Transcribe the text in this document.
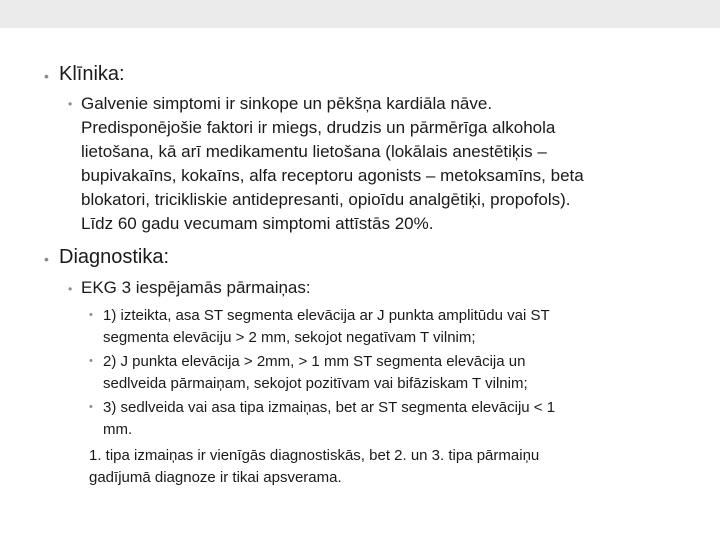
• Klīnika:
• Galvenie simptomi ir sinkope un pēkšņa kardiāla nāve.
Predisponējošie faktori ir miegs, drudzis un pārmērīga alkohola
lietošana, kā arī medikamentu lietošana (lokālais anestētiķis –
bupivakaīns, kokaīns, alfa receptoru agonists – metoksamīns, beta
blokatori, tricikliskie antidepresanti, opioīdu analgētiķi, propofols).
Līdz 60 gadu vecumam simptomi attīstās 20%.
• Diagnostika:
• EKG 3 iespējamās pārmaiņas:
• 1) izteikta, asa ST segmenta elevācija ar J punkta amplitūdu vai ST
segmenta elevāciju > 2 mm, sekojot negatīvam T vilnim;
• 2) J punkta elevācija > 2mm, > 1 mm ST segmenta elevācija un
sedlveida pārmaiņam, sekojot pozitīvam vai bifāziskam T vilnim;
• 3) sedlveida vai asa tipa izmaiņas, bet ar ST segmenta elevāciju < 1
mm.
1. tipa izmaiņas ir vienīgās diagnostiskās, bet 2. un 3. tipa pārmaiņu
gadījumā diagnoze ir tikai apsverama.
